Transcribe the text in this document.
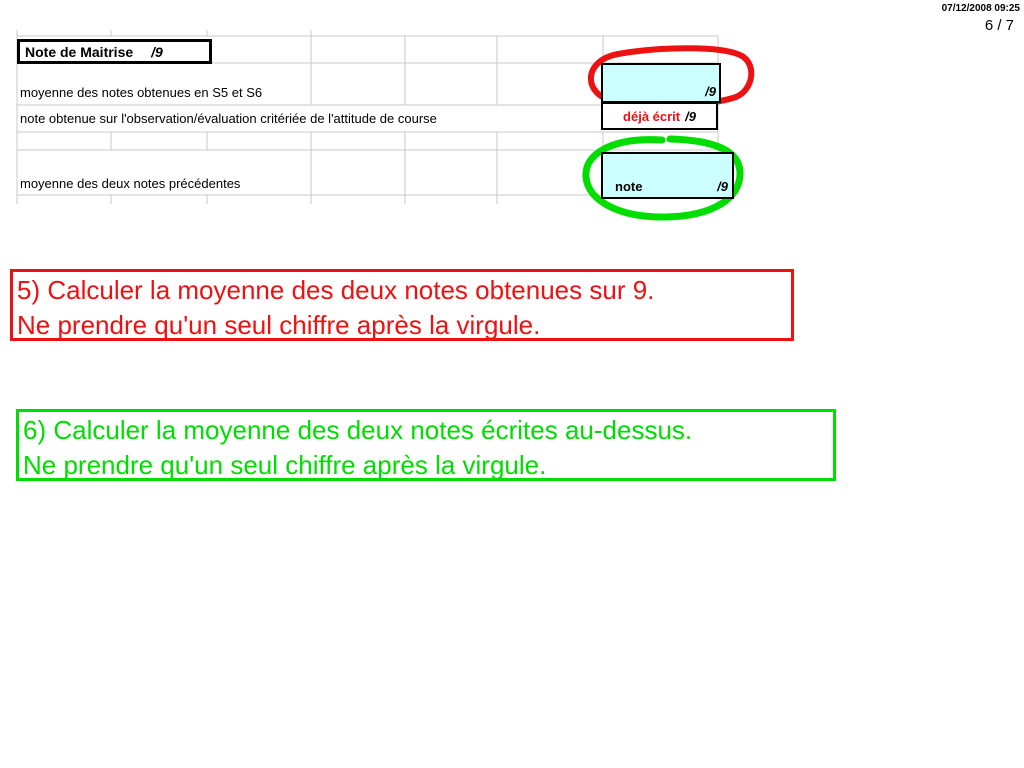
07/12/2008 09:25
6 / 7
Note de Maitrise /9
moyenne des notes obtenues en S5 et S6
note obtenue sur l'observation/évaluation critériée de l'attitude de course
moyenne des deux notes précédentes
/9
déjà écrit /9
note	/9
5) Calculer la moyenne des deux notes obtenues sur 9.
Ne prendre qu'un seul chiffre après la virgule.
6) Calculer la moyenne des deux notes écrites au-dessus.
Ne prendre qu'un seul chiffre après la virgule.
